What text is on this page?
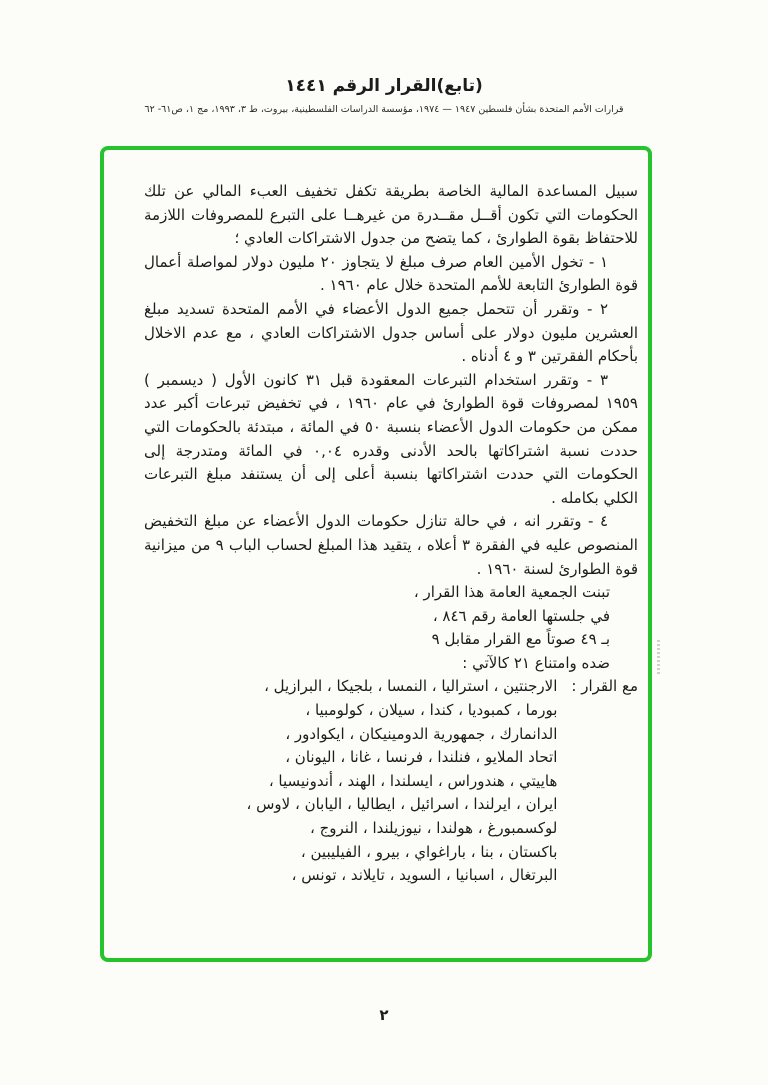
(تابع)القرار الرقم ١٤٤١
قرارات الأمم المتحدة بشأن فلسطين ١٩٤٧ — ١٩٧٤، مؤسسة الدراسات الفلسطينية، بيروت، ط ٣، ١٩٩٣، مج ١، ص٦١- ٦٢
سبيل المساعدة المالية الخاصة بطريقة تكفل تخفيف العبء المالي عن تلك الحكومات التي تكون أقــل مقــدرة من غيرهــا على التبرع للمصروفات اللازمة للاحتفاظ بقوة الطوارئ ، كما يتضح من جدول الاشتراكات العادي ؛
١ - تخول الأمين العام صرف مبلغ لا يتجاوز ٢٠ مليون دولار لمواصلة أعمال قوة الطوارئ التابعة للأمم المتحدة خلال عام ١٩٦٠ .
٢ - وتقرر أن تتحمل جميع الدول الأعضاء في الأمم المتحدة تسديد مبلغ العشرين مليون دولار على أساس جدول الاشتراكات العادي ، مع عدم الاخلال بأحكام الفقرتين ٣ و ٤ أدناه .
٣ - وتقرر استخدام التبرعات المعقودة قبل ٣١ كانون الأول ( ديسمبر ) ١٩٥٩ لمصروفات قوة الطوارئ في عام ١٩٦٠ ، في تخفيض تبرعات أكبر عدد ممكن من حكومات الدول الأعضاء بنسبة ٥٠ في المائة ، مبتدئة بالحكومات التي حددت نسبة اشتراكاتها بالحد الأدنى وقدره ٠,٠٤ في المائة ومتدرجة إلى الحكومات التي حددت اشتراكاتها بنسبة أعلى إلى أن يستنفد مبلغ التبرعات الكلي بكامله .
٤ - وتقرر انه ، في حالة تنازل حكومات الدول الأعضاء عن مبلغ التخفيض المنصوص عليه في الفقرة ٣ أعلاه ، يتقيد هذا المبلغ لحساب الباب ٩ من ميزانية قوة الطوارئ لسنة ١٩٦٠ .
تبنت الجمعية العامة هذا القرار ،
في جلستها العامة رقم ٨٤٦ ،
بـ ٤٩ صوتاً مع القرار مقابل ٩
ضده وامتناع ٢١ كالآتي :
مع القرار :
الارجنتين ، استراليا ، النمسا ، بلجيكا ، البرازيل ،
بورما ، كمبوديا ، كندا ، سيلان ، كولومبيا ،
الدانمارك ، جمهورية الدومينيكان ، ايكوادور ،
اتحاد الملايو ، فنلندا ، فرنسا ، غانا ، اليونان ،
هاييتي ، هندوراس ، ايسلندا ، الهند ، أندونيسيا ،
ايران ، ايرلندا ، اسرائيل ، ايطاليا ، اليابان ، لاوس ،
لوكسمبورغ ، هولندا ، نيوزيلندا ، النروج ،
باكستان ، بنا ، باراغواي ، بيرو ، الفيليبين ،
البرتغال ، اسبانيا ، السويد ، تايلاند ، تونس ،
٢
